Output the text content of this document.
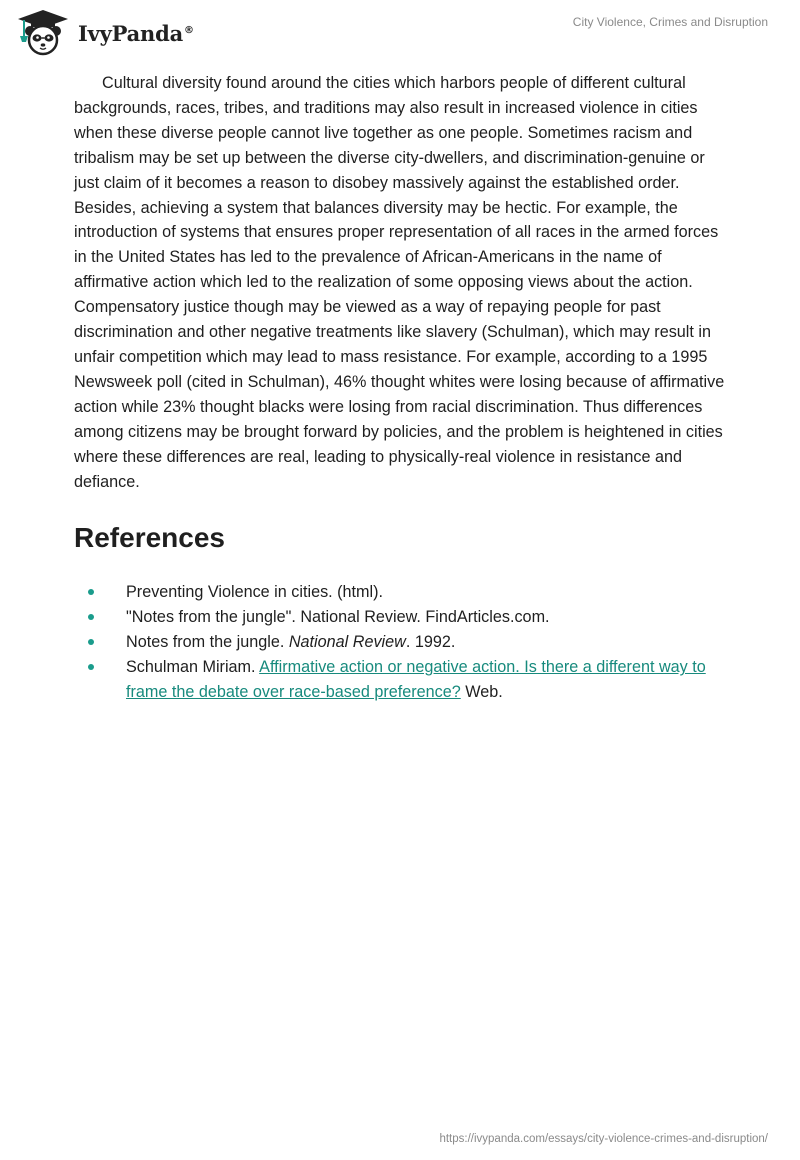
IvyPanda®
City Violence, Crimes and Disruption

Cultural diversity found around the cities which harbors people of different cultural backgrounds, races, tribes, and traditions may also result in increased violence in cities when these diverse people cannot live together as one people. Sometimes racism and tribalism may be set up between the diverse city-dwellers, and discrimination-genuine or just claim of it becomes a reason to disobey massively against the established order. Besides, achieving a system that balances diversity may be hectic. For example, the introduction of systems that ensures proper representation of all races in the armed forces in the United States has led to the prevalence of African-Americans in the name of affirmative action which led to the realization of some opposing views about the action. Compensatory justice though may be viewed as a way of repaying people for past discrimination and other negative treatments like slavery (Schulman), which may result in unfair competition which may lead to mass resistance. For example, according to a 1995 Newsweek poll (cited in Schulman), 46% thought whites were losing because of affirmative action while 23% thought blacks were losing from racial discrimination. Thus differences among citizens may be brought forward by policies, and the problem is heightened in cities where these differences are real, leading to physically-real violence in resistance and defiance.

References
Preventing Violence in cities. (html).
"Notes from the jungle". National Review. FindArticles.com.
Notes from the jungle. National Review. 1992.
Schulman Miriam. Affirmative action or negative action. Is there a different way to frame the debate over race-based preference? Web.
https://ivypanda.com/essays/city-violence-crimes-and-disruption/
